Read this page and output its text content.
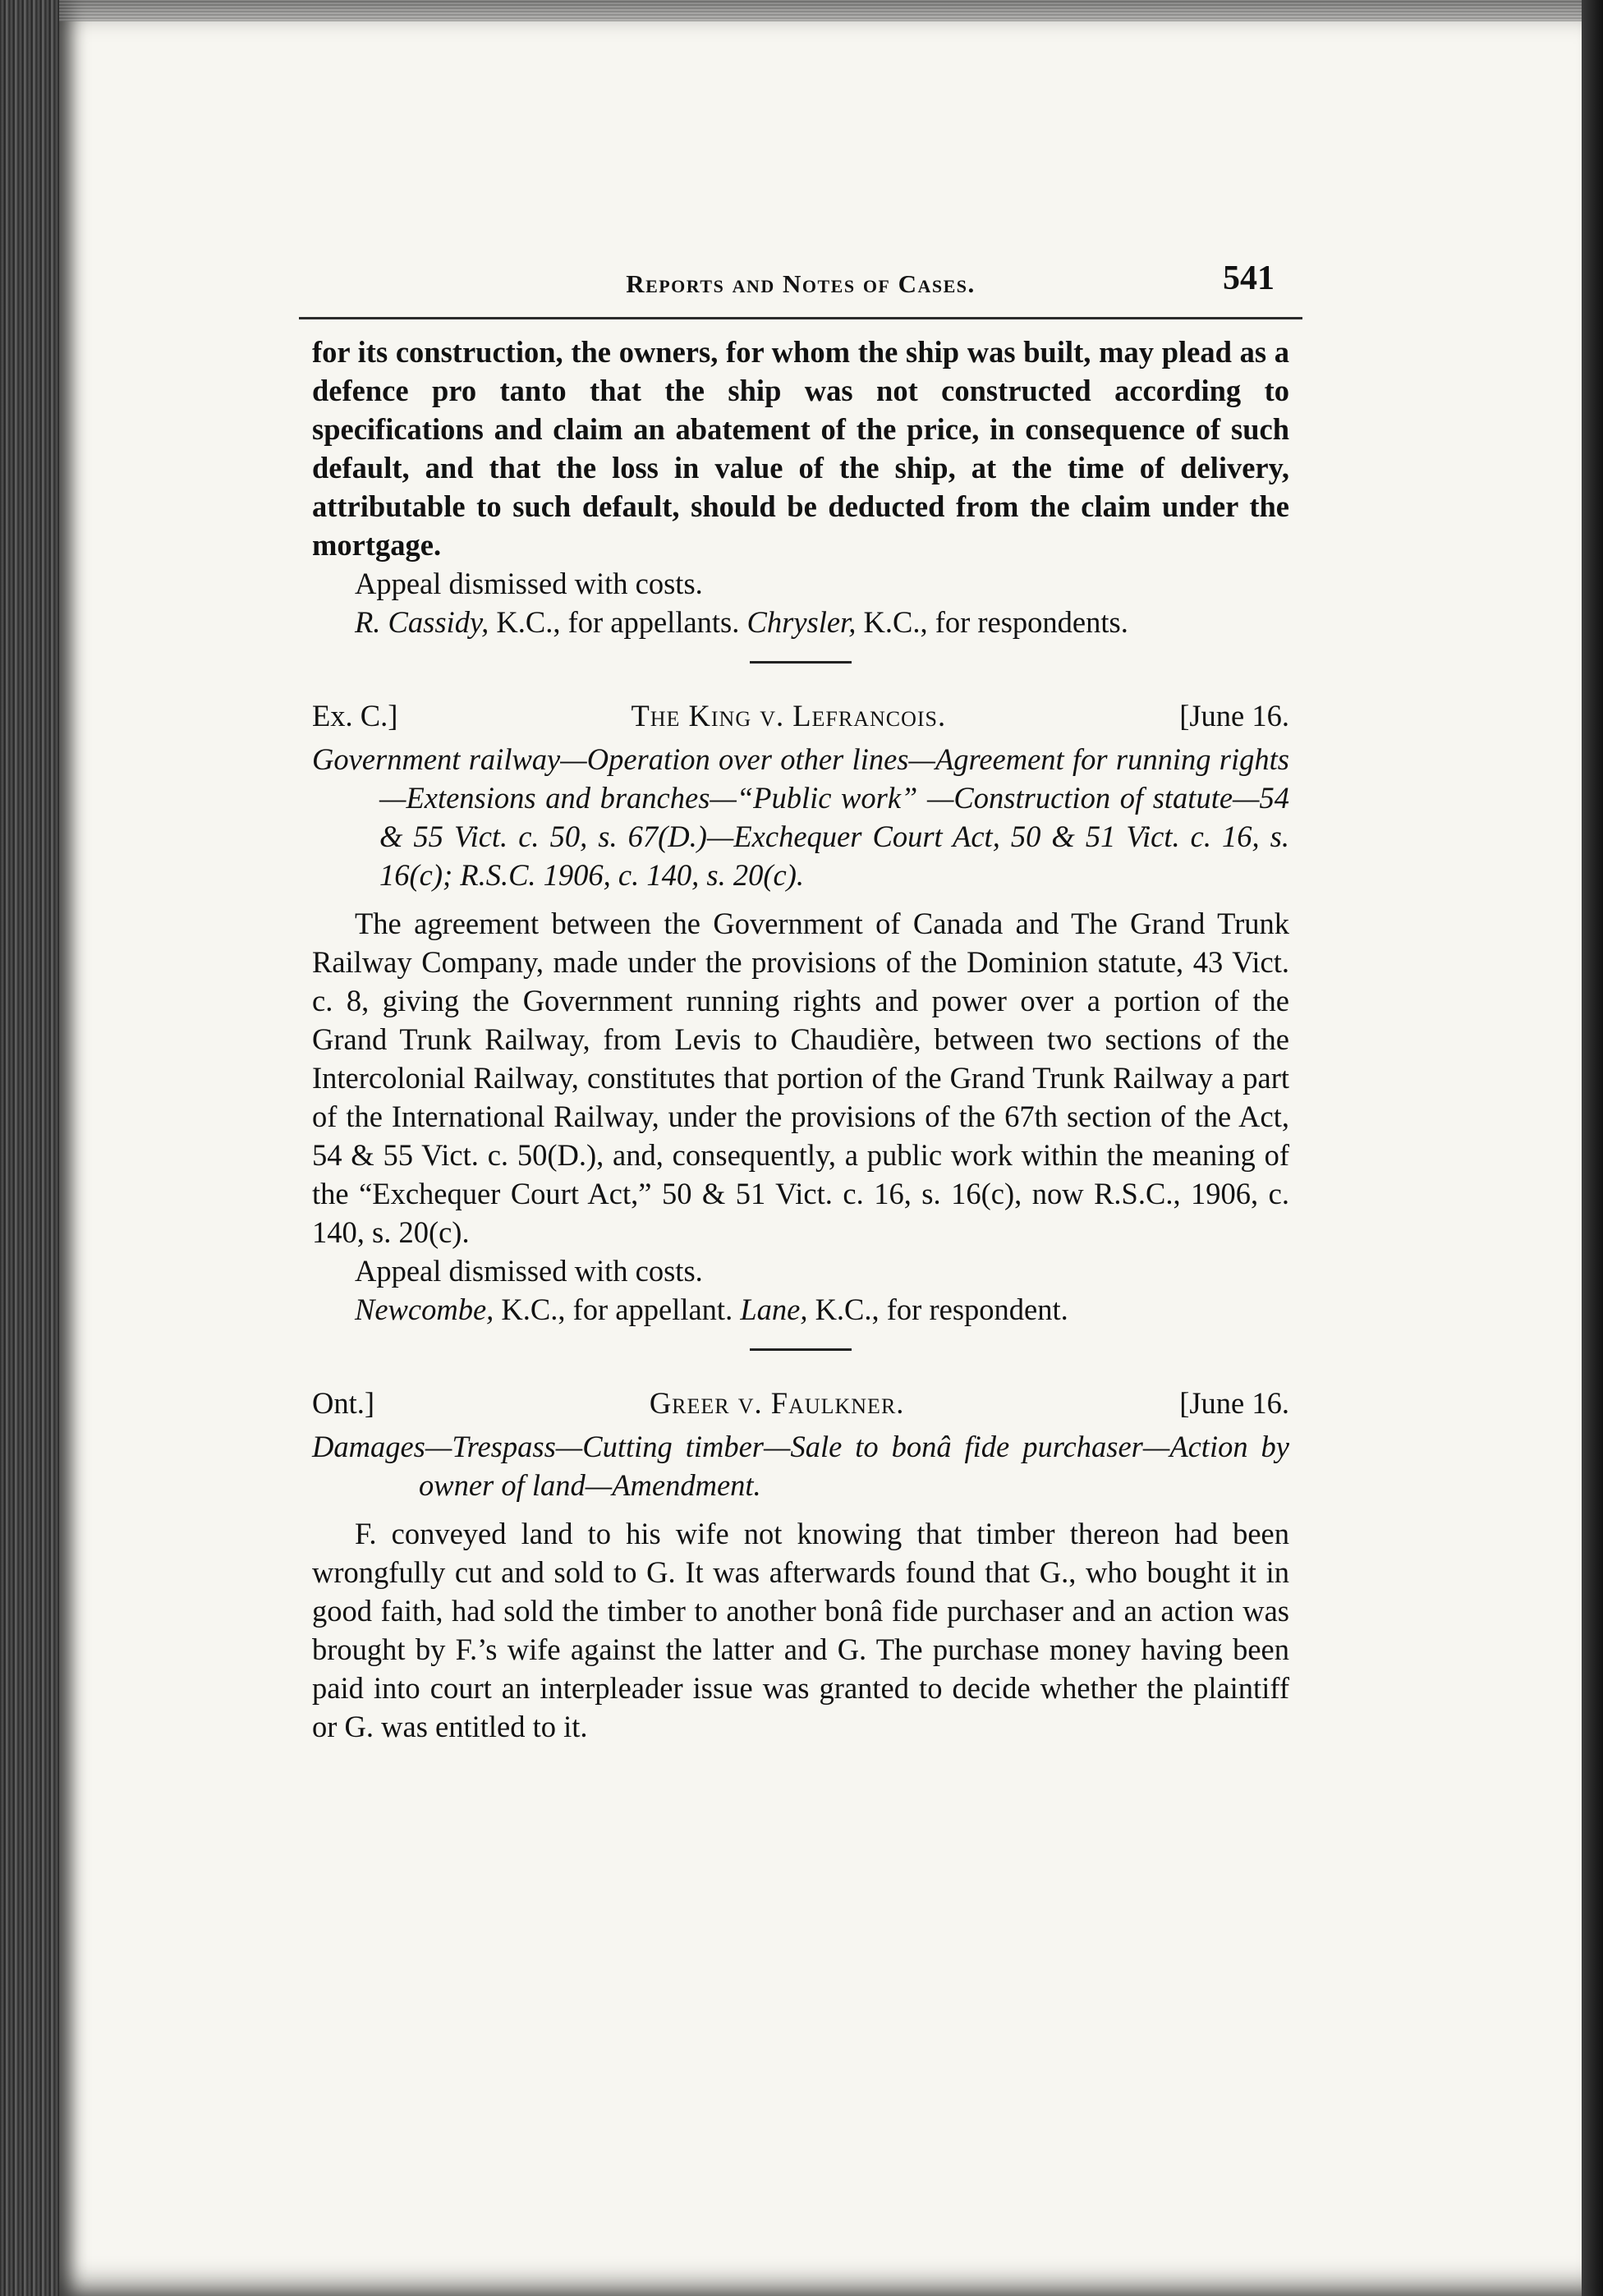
Reports and Notes of Cases.	541

for its construction, the owners, for whom the ship was built, may plead as a defence pro tanto that the ship was not constructed according to specifications and claim an abatement of the price, in consequence of such default, and that the loss in value of the ship, at the time of delivery, attributable to such default, should be deducted from the claim under the mortgage.

Appeal dismissed with costs.

R. Cassidy, K.C., for appellants. Chrysler, K.C., for respondents.

Ex. C.]	The King v. Lefrancois.	[June 16.

Government railway—Operation over other lines—Agreement for running rights—Extensions and branches—“Public work” —Construction of statute—54 & 55 Vict. c. 50, s. 67(D.)—Exchequer Court Act, 50 & 51 Vict. c. 16, s. 16(c); R.S.C. 1906, c. 140, s. 20(c).

The agreement between the Government of Canada and The Grand Trunk Railway Company, made under the provisions of the Dominion statute, 43 Vict. c. 8, giving the Government running rights and power over a portion of the Grand Trunk Railway, from Levis to Chaudière, between two sections of the Intercolonial Railway, constitutes that portion of the Grand Trunk Railway a part of the International Railway, under the provisions of the 67th section of the Act, 54 & 55 Vict. c. 50(D.), and, consequently, a public work within the meaning of the “Exchequer Court Act,” 50 & 51 Vict. c. 16, s. 16(c), now R.S.C., 1906, c. 140, s. 20(c).

Appeal dismissed with costs.

Newcombe, K.C., for appellant. Lane, K.C., for respondent.

Ont.]	Greer v. Faulkner.	[June 16.

Damages—Trespass—Cutting timber—Sale to bonâ fide purchaser—Action by owner of land—Amendment.

F. conveyed land to his wife not knowing that timber thereon had been wrongfully cut and sold to G. It was afterwards found that G., who bought it in good faith, had sold the timber to another bonâ fide purchaser and an action was brought by F.’s wife against the latter and G. The purchase money having been paid into court an interpleader issue was granted to decide whether the plaintiff or G. was entitled to it.
